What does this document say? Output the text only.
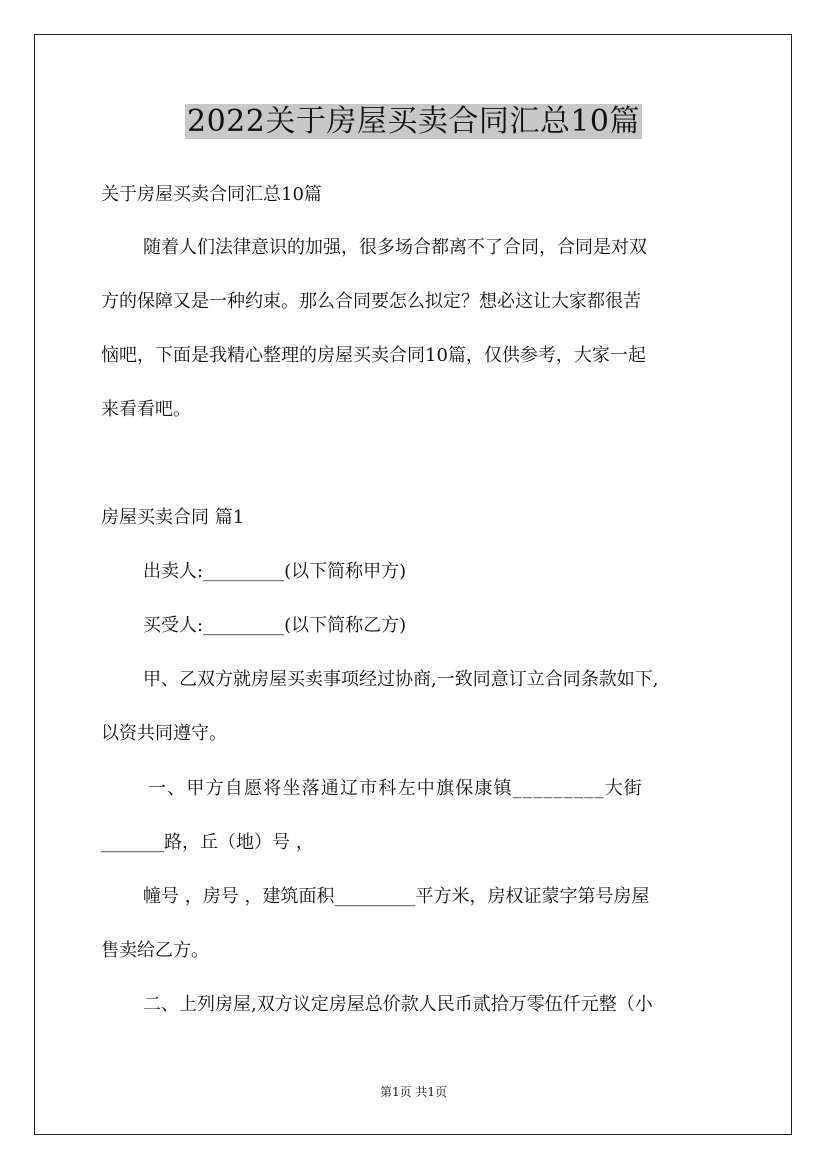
2022关于房屋买卖合同汇总10篇
关于房屋买卖合同汇总10篇
随着人们法律意识的加强，很多场合都离不了合同，合同是对双
方的保障又是一种约束。那么合同要怎么拟定？想必这让大家都很苦
恼吧，下面是我精心整理的房屋买卖合同10篇，仅供参考，大家一起
来看看吧。
房屋买卖合同 篇1
出卖人:_________(以下简称甲方)
买受人:_________(以下简称乙方)
甲、乙双方就房屋买卖事项经过协商,一致同意订立合同条款如下,
以资共同遵守。
一、甲方自愿将坐落通辽市科左中旗保康镇_________大街
_______路，丘（地）号 ，
幢号 ，房号 ，建筑面积_________平方米，房权证蒙字第号房屋
售卖给乙方。
二、上列房屋,双方议定房屋总价款人民币贰拾万零伍仟元整（小
第1页 共1页
